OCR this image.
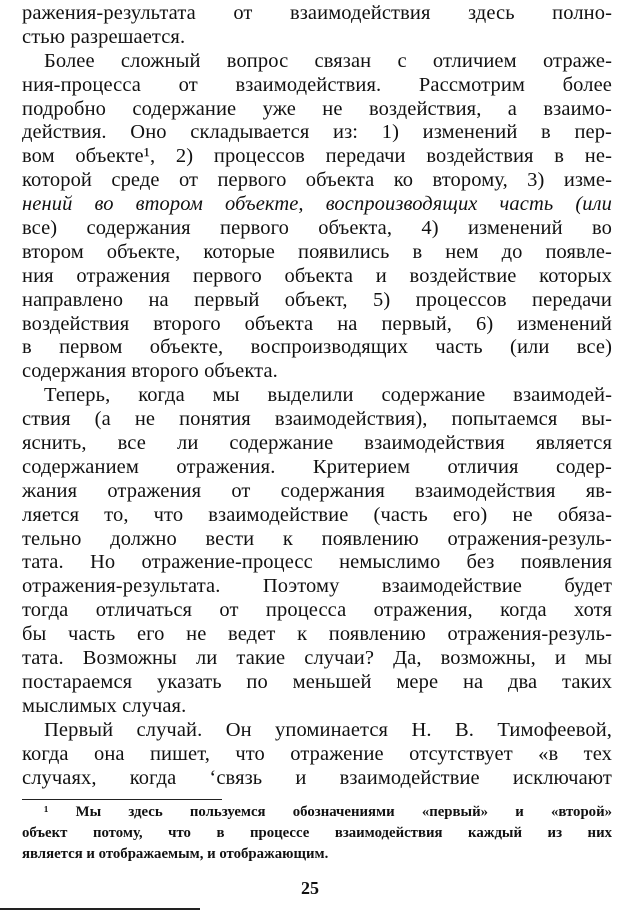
ражения-результата от взаимодействия здесь полно-
стью разрешается.
Более сложный вопрос связан с отличием отраже-
ния-процесса от взаимодействия. Рассмотрим более
подробно содержание уже не воздействия, а взаимо-
действия. Оно складывается из: 1) изменений в пер-
вом объекте¹, 2) процессов передачи воздействия в не-
которой среде от первого объекта ко второму, 3) изме-
нений во втором объекте, воспроизводящих часть (или
все) содержания первого объекта, 4) изменений во
втором объекте, которые появились в нем до появле-
ния отражения первого объекта и воздействие которых
направлено на первый объект, 5) процессов передачи
воздействия второго объекта на первый, 6) изменений
в первом объекте, воспроизводящих часть (или все)
содержания второго объекта.
Теперь, когда мы выделили содержание взаимодей-
ствия (а не понятия взаимодействия), попытаемся вы-
яснить, все ли содержание взаимодействия является
содержанием отражения. Критерием отличия содер-
жания отражения от содержания взаимодействия яв-
ляется то, что взаимодействие (часть его) не обяза-
тельно должно вести к появлению отражения-резуль-
тата. Но отражение-процесс немыслимо без появления
отражения-результата. Поэтому взаимодействие будет
тогда отличаться от процесса отражения, когда хотя
бы часть его не ведет к появлению отражения-резуль-
тата. Возможны ли такие случаи? Да, возможны, и мы
постараемся указать по меньшей мере на два таких
мыслимых случая.
Первый случай. Он упоминается Н. В. Тимофеевой,
когда она пишет, что отражение отсутствует «в тех
случаях, когда ‘связь и взаимодействие исключают
¹ Мы здесь пользуемся обозначениями «первый» и «второй»
объект потому, что в процессе взаимодействия каждый из них
является и отображаемым, и отображающим.
25
